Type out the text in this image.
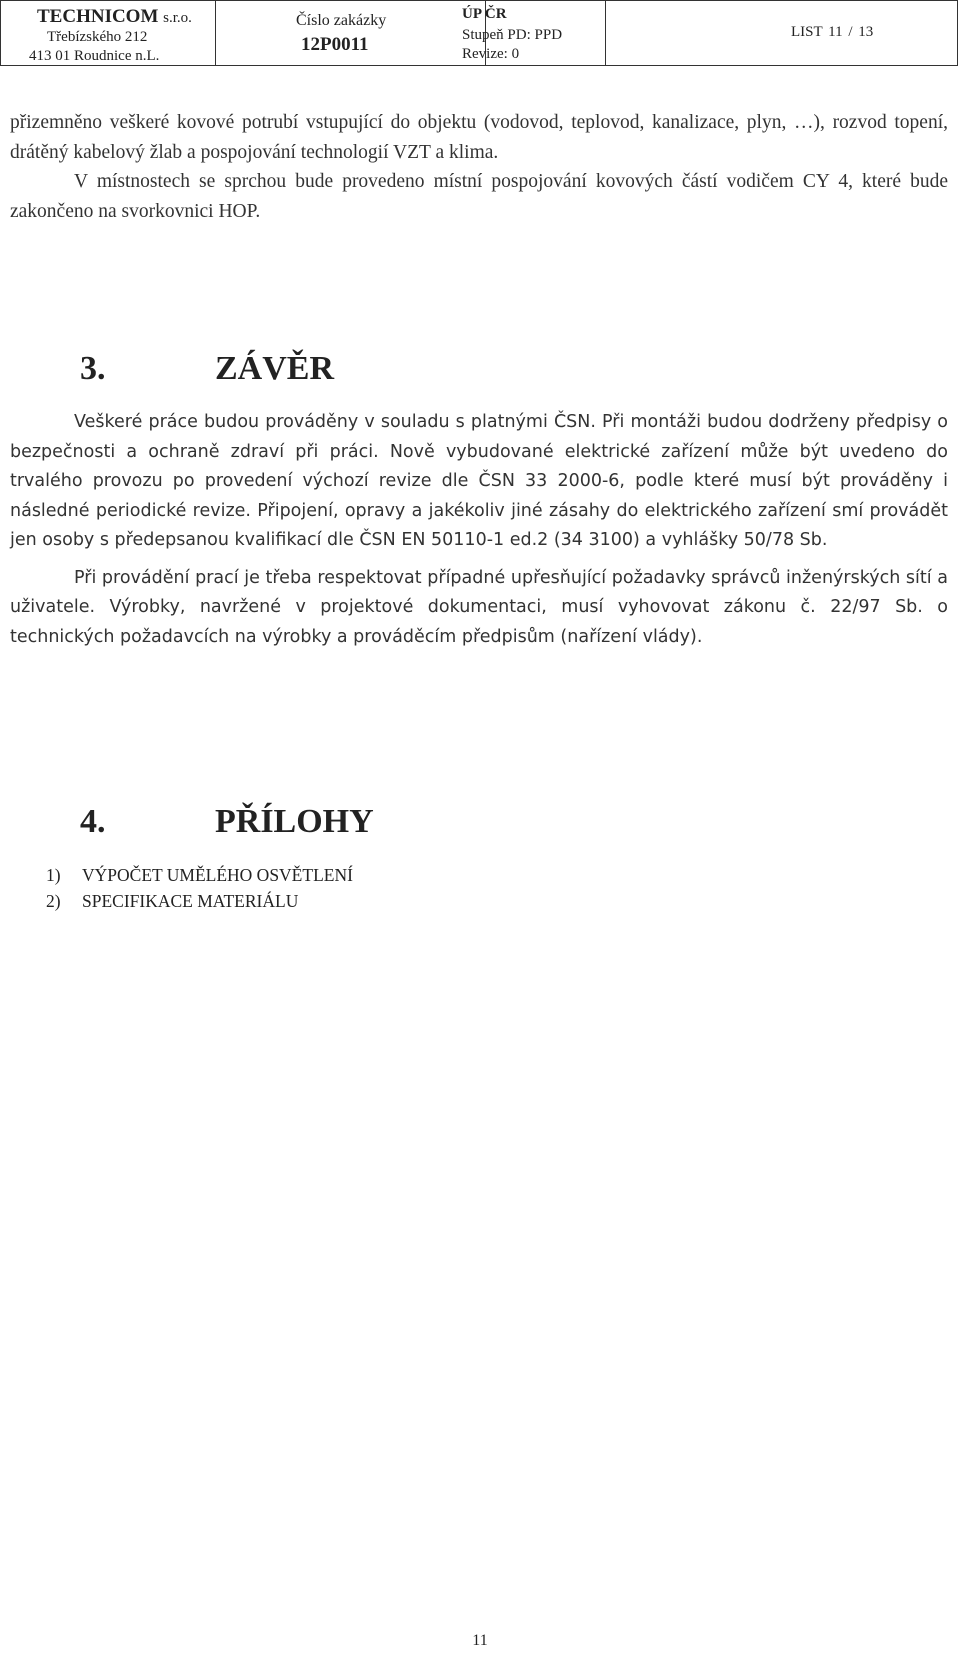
TECHNICOM s.r.o.
Třebízského 212
413 01 Roudnice n.L.
Číslo zakázky
12P0011
ÚP ČR
Stupeň PD: PPD
Revize: 0
LIST 11 / 13

přizemněno veškeré kovové potrubí vstupující do objektu (vodovod, teplovod, kanalizace, plyn, …), rozvod topení, drátěný kabelový žlab a pospojování technologií VZT a klima.

V místnostech se sprchou bude provedeno místní pospojování kovových částí vodičem CY 4, které bude zakončeno na svorkovnici HOP.

3.	ZÁVĚR

Veškeré práce budou prováděny v souladu s platnými ČSN. Při montáži budou dodrženy předpisy o bezpečnosti a ochraně zdraví při práci. Nově vybudované elektrické zařízení může být uvedeno do trvalého provozu po provedení výchozí revize dle ČSN 33 2000-6, podle které musí být prováděny i následné periodické revize. Připojení, opravy a jakékoliv jiné zásahy do elektrického zařízení smí provádět jen osoby s předepsanou kvalifikací dle ČSN EN 50110-1 ed.2 (34 3100) a vyhlášky 50/78 Sb.

Při provádění prací je třeba respektovat případné upřesňující požadavky správců inženýrských sítí a uživatele. Výrobky, navržené v projektové dokumentaci, musí vyhovovat zákonu č. 22/97 Sb. o technických požadavcích na výrobky a prováděcím předpisům (nařízení vlády).

4.	PŘÍLOHY
1) VÝPOČET UMĚLÉHO OSVĚTLENÍ
2) SPECIFIKACE MATERIÁLU
11
